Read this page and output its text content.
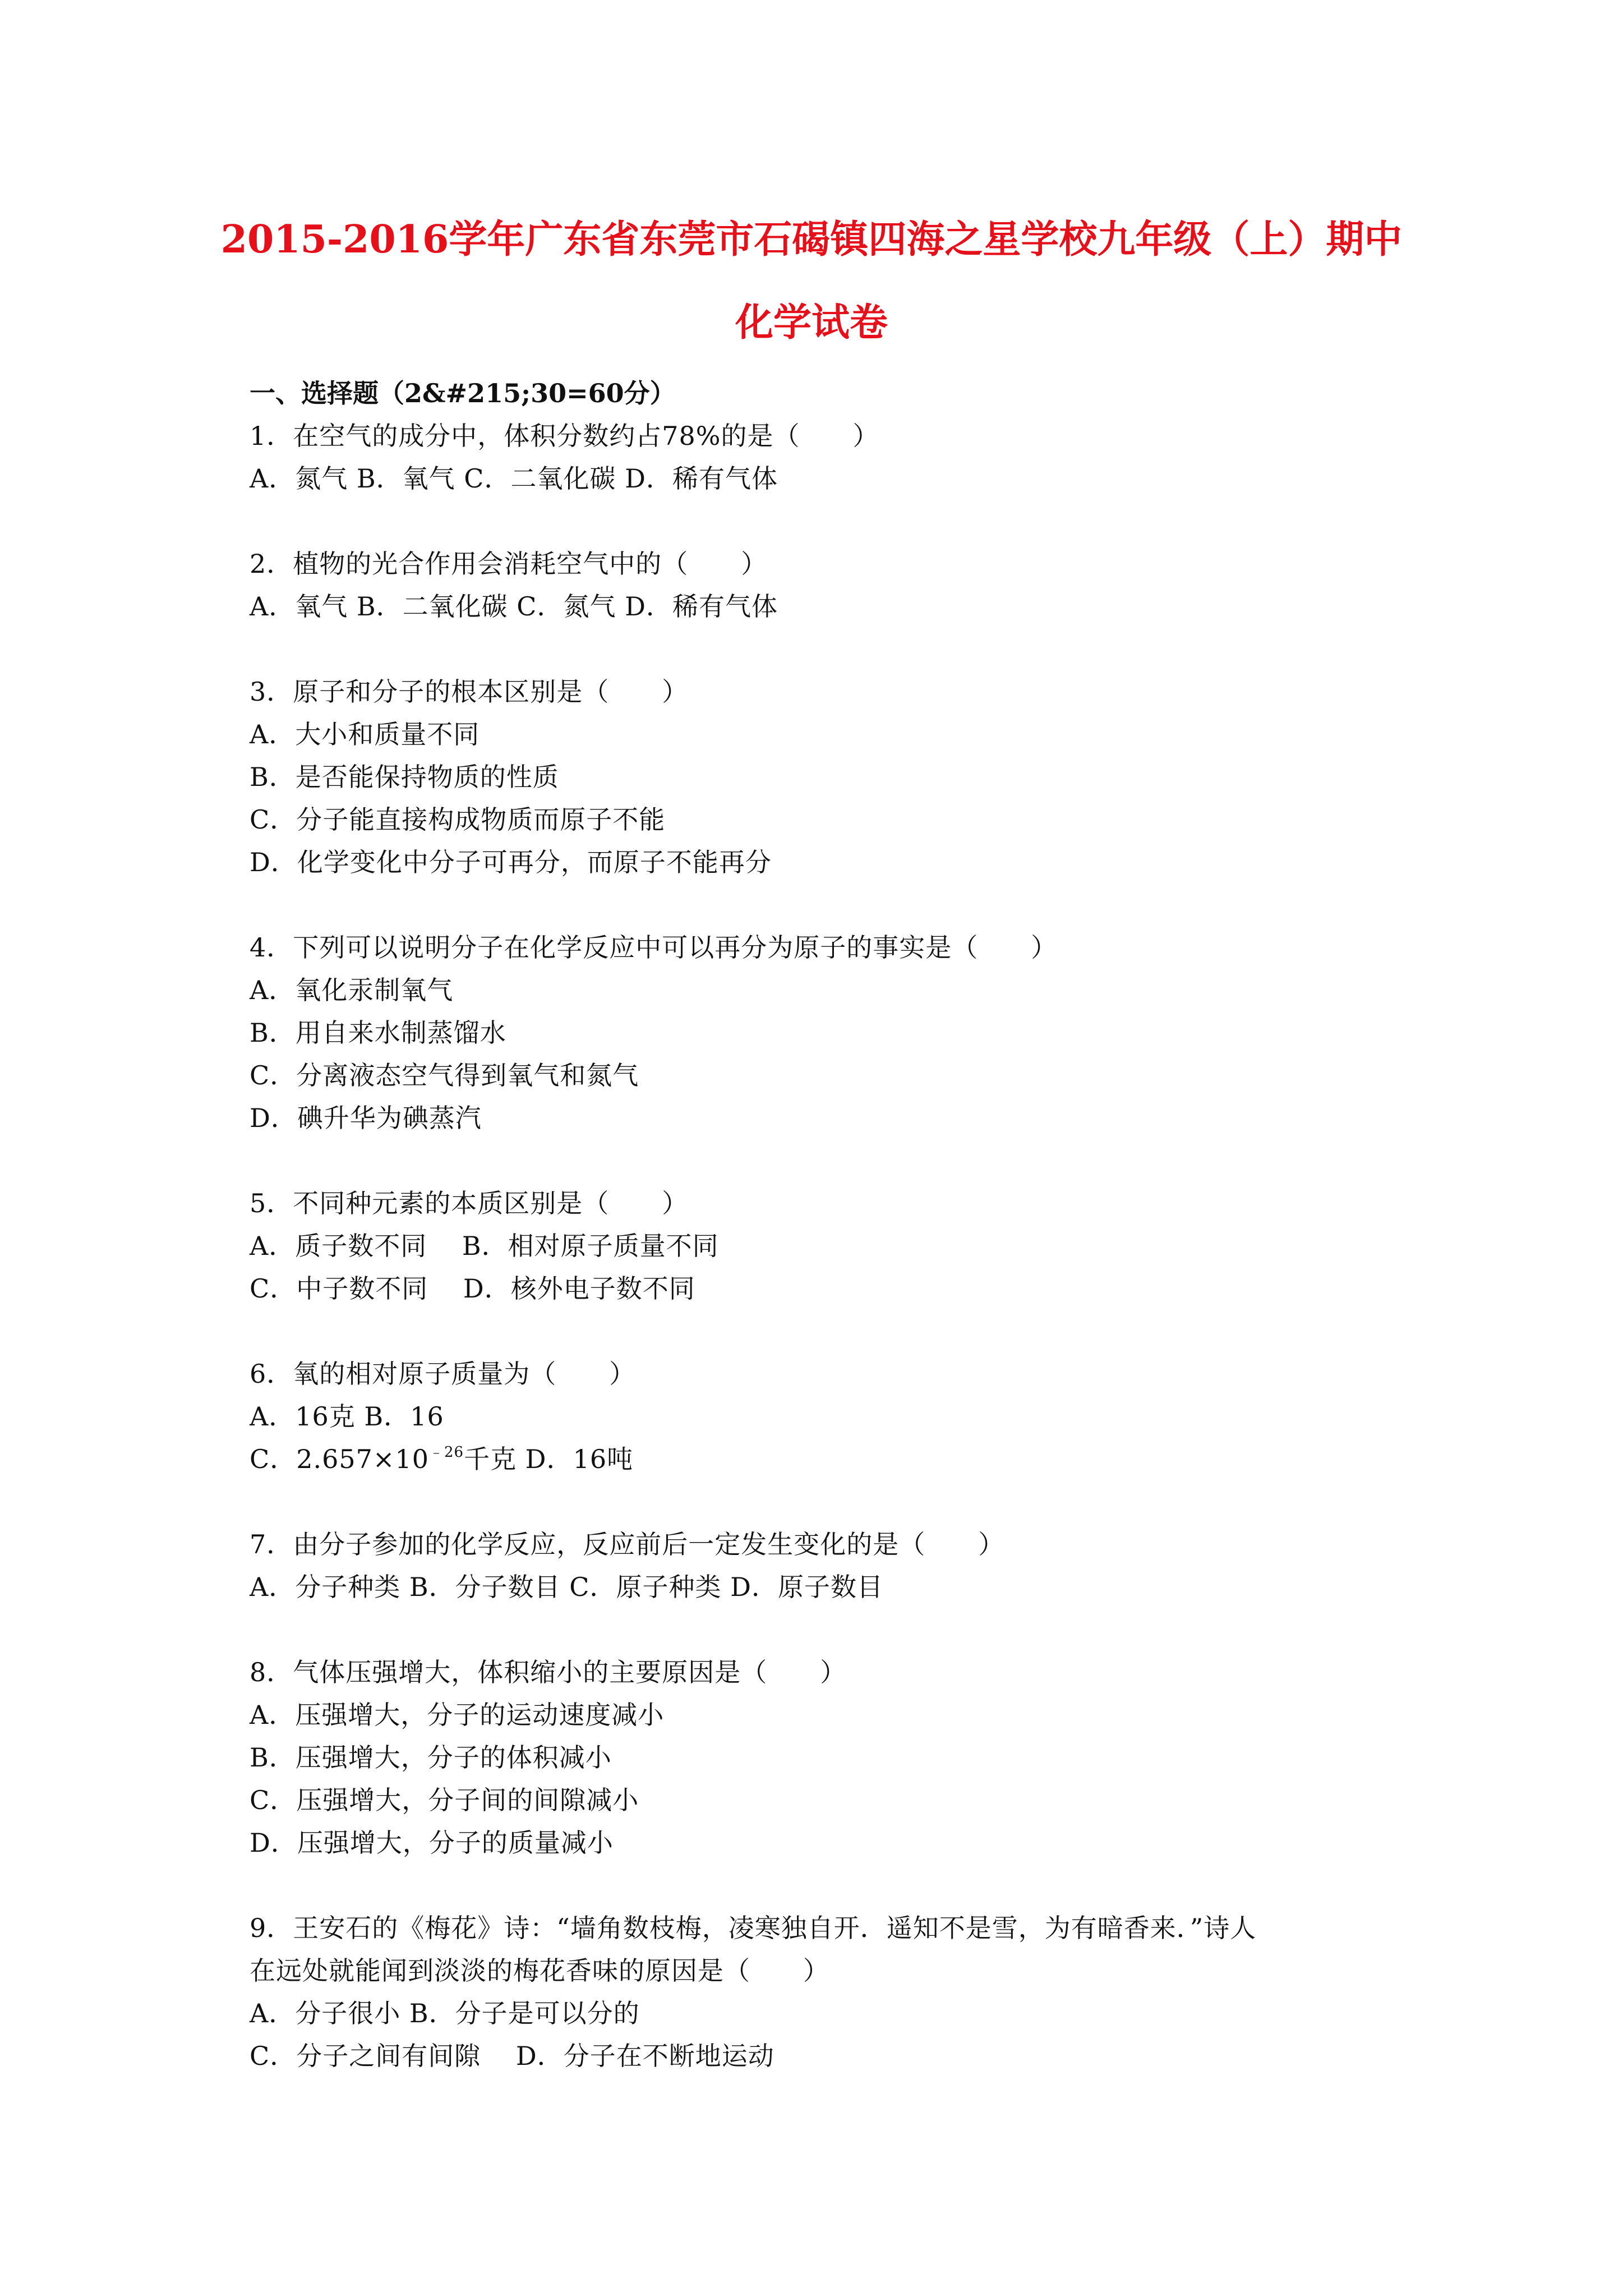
2015-2016学年广东省东莞市石碣镇四海之星学校九年级（上）期中
化学试卷
一、选择题（2&#215;30=60分）
1．在空气的成分中，体积分数约占78%的是（　　）
A．氮气 B．氧气 C．二氧化碳 D．稀有气体
2．植物的光合作用会消耗空气中的（　　）
A．氧气 B．二氧化碳 C．氮气 D．稀有气体
3．原子和分子的根本区别是（　　）
A．大小和质量不同
B．是否能保持物质的性质
C．分子能直接构成物质而原子不能
D．化学变化中分子可再分，而原子不能再分
4．下列可以说明分子在化学反应中可以再分为原子的事实是（　　）
A．氧化汞制氧气
B．用自来水制蒸馏水
C．分离液态空气得到氧气和氮气
D．碘升华为碘蒸汽
5．不同种元素的本质区别是（　　）
A．质子数不同　 B．相对原子质量不同
C．中子数不同　 D．核外电子数不同
6．氧的相对原子质量为（　　）
A．16克 B．16
C．$2.657\times 10^{﹣26}$千克 D．16吨
7．由分子参加的化学反应，反应前后一定发生变化的是（　　）
A．分子种类 B．分子数目 C．原子种类 D．原子数目
8．气体压强增大，体积缩小的主要原因是（　　）
A．压强增大，分子的运动速度减小
B．压强增大，分子的体积减小
C．压强增大，分子间的间隙减小
D．压强增大，分子的质量减小
9．王安石的《梅花》诗：“墙角数枝梅，凌寒独自开．遥知不是雪，为有暗香来．”诗人
在远处就能闻到淡淡的梅花香味的原因是（　　）
A．分子很小 B．分子是可以分的
C．分子之间有间隙　 D．分子在不断地运动
